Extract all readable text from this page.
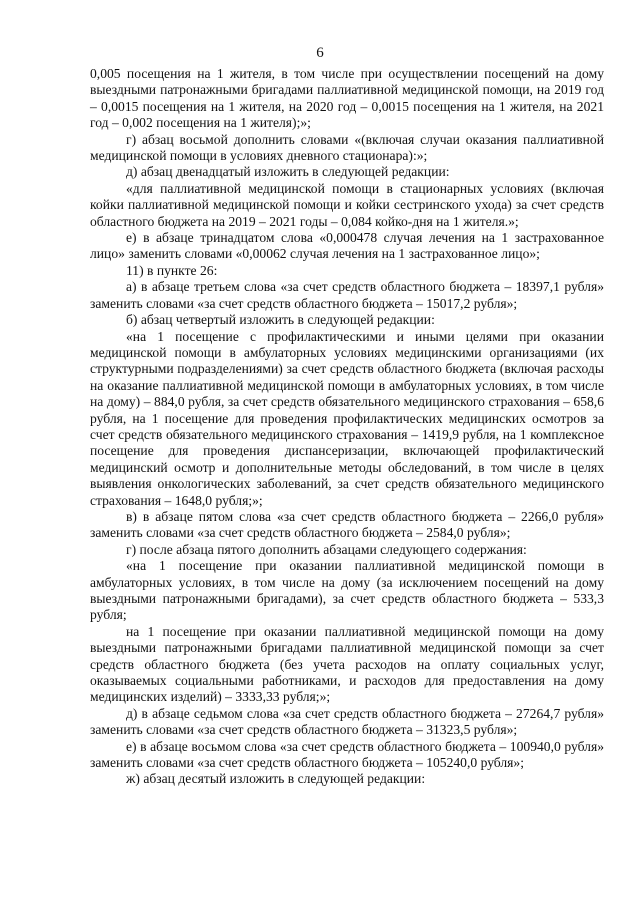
6

0,005 посещения на 1 жителя, в том числе при осуществлении посещений на дому выездными патронажными бригадами паллиативной медицинской помощи, на 2019 год – 0,0015 посещения на 1 жителя, на 2020 год – 0,0015 посещения на 1 жителя, на 2021 год – 0,002 посещения на 1 жителя);»;

г) абзац восьмой дополнить словами «(включая случаи оказания паллиативной медицинской помощи в условиях дневного стационара):»;

д) абзац двенадцатый изложить в следующей редакции:

«для паллиативной медицинской помощи в стационарных условиях (включая койки паллиативной медицинской помощи и койки сестринского ухода) за счет средств областного бюджета на 2019 – 2021 годы – 0,084 койко-дня на 1 жителя.»;

е) в абзаце тринадцатом слова «0,000478 случая лечения на 1 застрахованное лицо» заменить словами «0,00062 случая лечения на 1 застрахованное лицо»;

11) в пункте 26:

а) в абзаце третьем слова «за счет средств областного бюджета – 18397,1 рубля» заменить словами «за счет средств областного бюджета – 15017,2 рубля»;

б) абзац четвертый изложить в следующей редакции:

«на 1 посещение с профилактическими и иными целями при оказании медицинской помощи в амбулаторных условиях медицинскими организациями (их структурными подразделениями) за счет средств областного бюджета (включая расходы на оказание паллиативной медицинской помощи в амбулаторных условиях, в том числе на дому) – 884,0 рубля, за счет средств обязательного медицинского страхования – 658,6 рубля, на 1 посещение для проведения профилактических медицинских осмотров за счет средств обязательного медицинского страхования – 1419,9 рубля, на 1 комплексное посещение для проведения диспансеризации, включающей профилактический медицинский осмотр и дополнительные методы обследований, в том числе в целях выявления онкологических заболеваний, за счет средств обязательного медицинского страхования – 1648,0 рубля;»;

в) в абзаце пятом слова «за счет средств областного бюджета – 2266,0 рубля» заменить словами «за счет средств областного бюджета – 2584,0 рубля»;

г) после абзаца пятого дополнить абзацами следующего содержания:

«на 1 посещение при оказании паллиативной медицинской помощи в амбулаторных условиях, в том числе на дому (за исключением посещений на дому выездными патронажными бригадами), за счет средств областного бюджета – 533,3 рубля;

на 1 посещение при оказании паллиативной медицинской помощи на дому выездными патронажными бригадами паллиативной медицинской помощи за счет средств областного бюджета (без учета расходов на оплату социальных услуг, оказываемых социальными работниками, и расходов для предоставления на дому медицинских изделий) – 3333,33 рубля;»;

д) в абзаце седьмом слова «за счет средств областного бюджета – 27264,7 рубля» заменить словами «за счет средств областного бюджета – 31323,5 рубля»;

е) в абзаце восьмом слова «за счет средств областного бюджета – 100940,0 рубля» заменить словами «за счет средств областного бюджета – 105240,0 рубля»;

ж) абзац десятый изложить в следующей редакции:
